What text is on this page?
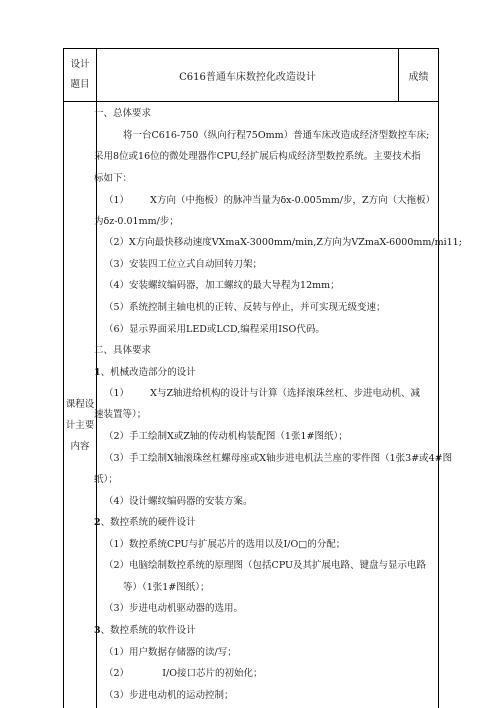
设计
题目
C616普通车床数控化改造设计	成绩
课程设
计主要
内容
一、总体要求
将一台C616-750（纵向行程75Omm）普通车床改造成经济型数控车床;
采用8位或16位的微处理器作CPU,经扩展后构成经济型数控系统。主要技术指
标如下：
（1）       X方向（中拖板）的脉冲当量为δx-0.005mm/步，Z方向（大拖板）
为δz-0.01mm/步；
（2）X方向最快移动速度VXmaX-3000mm/min,Z方向为VZmaX-6000mm/mi11;
（3）安装四工位立式自动回转刀架；
（4）安装螺纹编码器，加工螺纹的最大导程为12mm；
（5）系统控制主轴电机的正转、反转与停止，并可实现无级变速；
（6）显示界面采用LED或LCD,编程采用ISO代码。
二、具体要求
1、机械改造部分的设计
（1）       X与Z轴进给机构的设计与计算（选择滚珠丝杠、步进电动机、减
速装置等）；
（2）手工绘制X或Z轴的传动机构装配图（1张1#图纸）；
（3）手工绘制X轴滚珠丝杠螺母座或X轴步进电机法兰座的零件图（1张3#或4#图
纸）；
（4）设计螺纹编码器的安装方案。
2、数控系统的硬件设计
（1）数控系统CPU与扩展芯片的选用以及I/O□的分配；
（2）电脑绘制数控系统的原理图（包括CPU及其扩展电路、键盘与显示电路
等）（1张1#图纸）；
（3）步进电动机驱动器的选用。
3、数控系统的软件设计
（1）用户数据存储器的读/写；
（2）           I/O接口芯片的初始化；
（3）步进电动机的运动控制；
